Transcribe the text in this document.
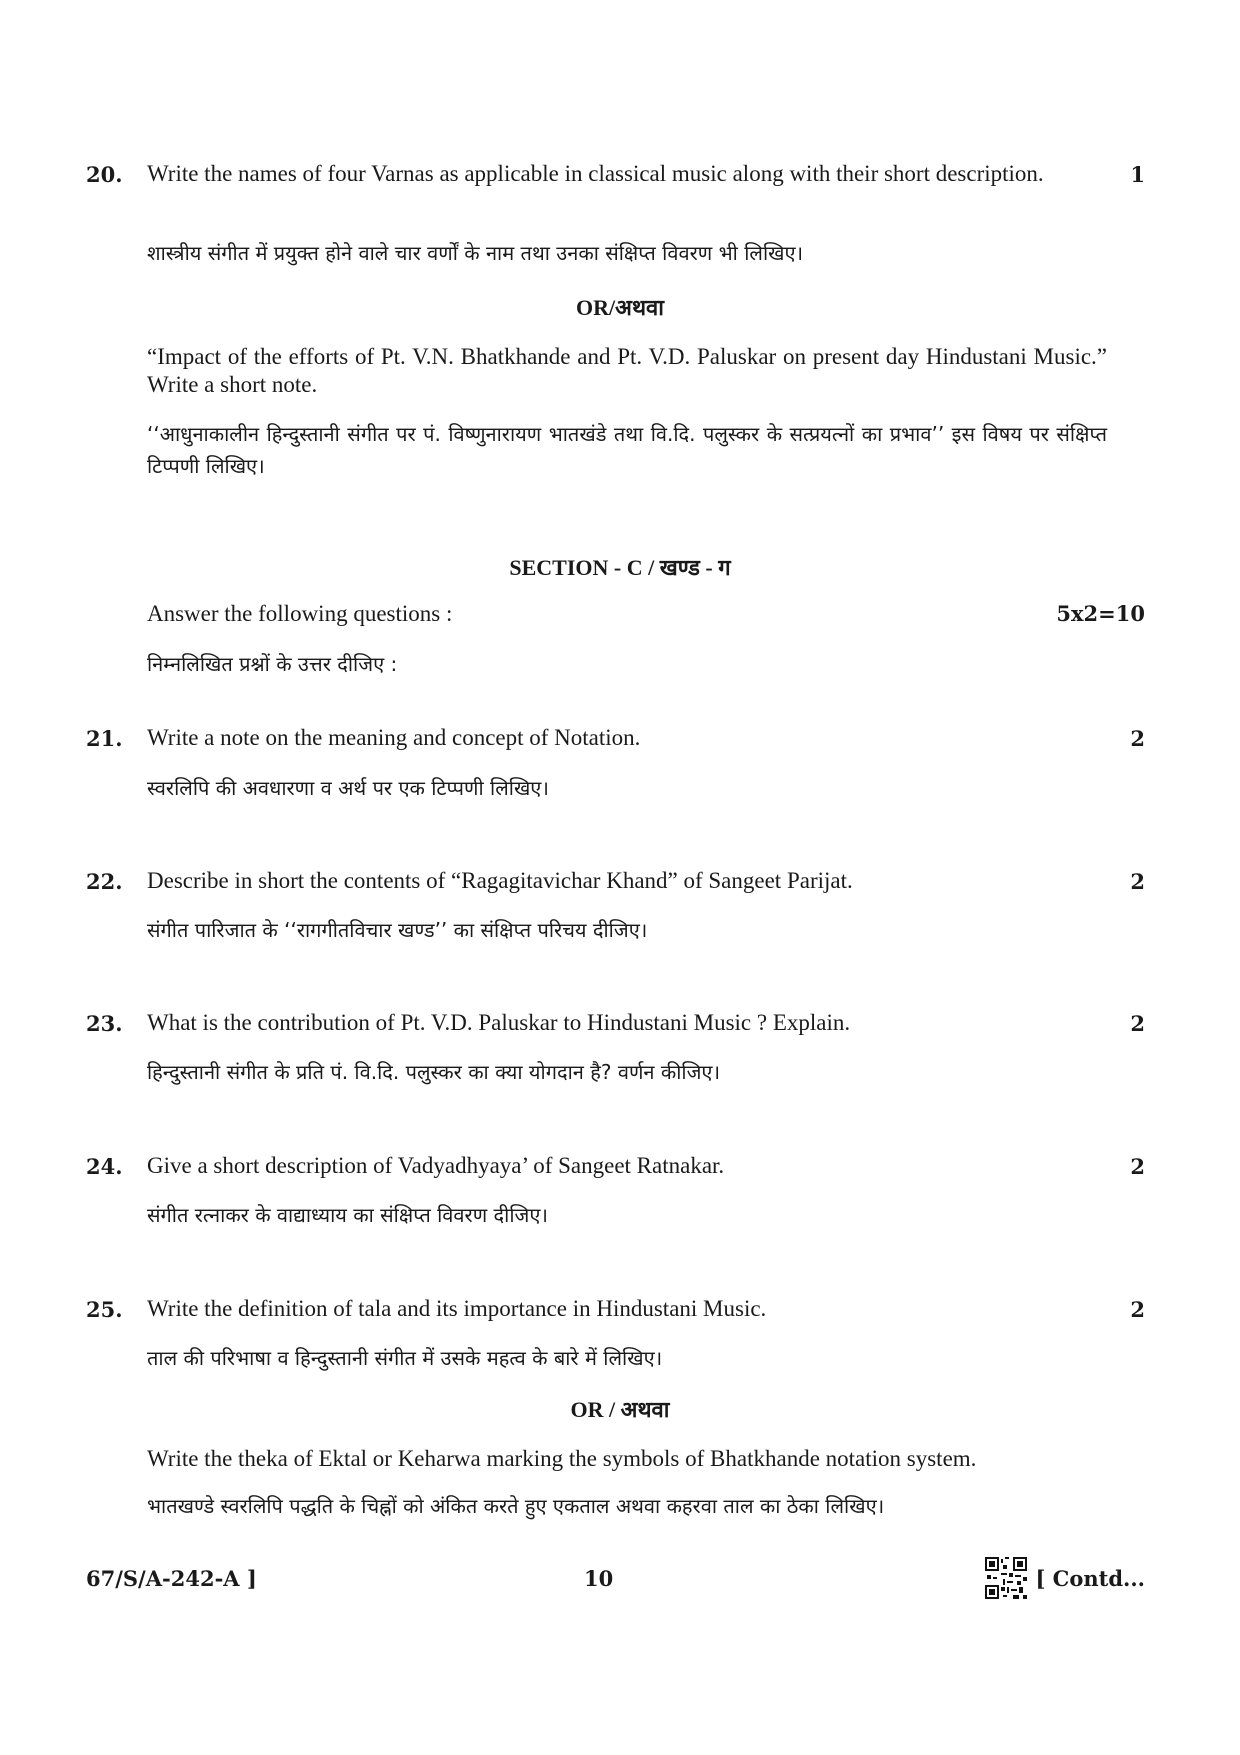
20. Write the names of four Varnas as applicable in classical music along with their short description.	1
शास्त्रीय संगीत में प्रयुक्त होने वाले चार वर्णों के नाम तथा उनका संक्षिप्त विवरण भी लिखिए।
OR/अथवा
“Impact of the efforts of Pt. V.N. Bhatkhande and Pt. V.D. Paluskar on present day Hindustani Music.” Write a short note.
‘‘आधुनाकालीन हिन्दुस्तानी संगीत पर पं. विष्णुनारायण भातखंडे तथा वि.दि. पलुस्कर के सत्प्रयत्नों का प्रभाव’’ इस विषय पर संक्षिप्त टिप्पणी लिखिए।
SECTION - C / खण्ड - ग
Answer the following questions :	5x2=10
निम्नलिखित प्रश्नों के उत्तर दीजिए :
21. Write a note on the meaning and concept of Notation.	2
स्वरलिपि की अवधारणा व अर्थ पर एक टिप्पणी लिखिए।
22. Describe in short the contents of “Ragagitavichar Khand” of Sangeet Parijat.	2
संगीत पारिजात के ‘‘रागगीतविचार खण्ड’’ का संक्षिप्त परिचय दीजिए।
23. What is the contribution of Pt. V.D. Paluskar to Hindustani Music ? Explain.	2
हिन्दुस्तानी संगीत के प्रति पं. वि.दि. पलुस्कर का क्या योगदान है? वर्णन कीजिए।
24. Give a short description of Vadyadhyaya’ of Sangeet Ratnakar.	2
संगीत रत्नाकर के वाद्याध्याय का संक्षिप्त विवरण दीजिए।
25. Write the definition of tala and its importance in Hindustani Music.	2
ताल की परिभाषा व हिन्दुस्तानी संगीत में उसके महत्व के बारे में लिखिए।
OR / अथवा
Write the theka of Ektal or Keharwa marking the symbols of Bhatkhande notation system.
भातखण्डे स्वरलिपि पद्धति के चिह्नों को अंकित करते हुए एकताल अथवा कहरवा ताल का ठेका लिखिए।
67/S/A-242-A ]	10	[ Contd...
